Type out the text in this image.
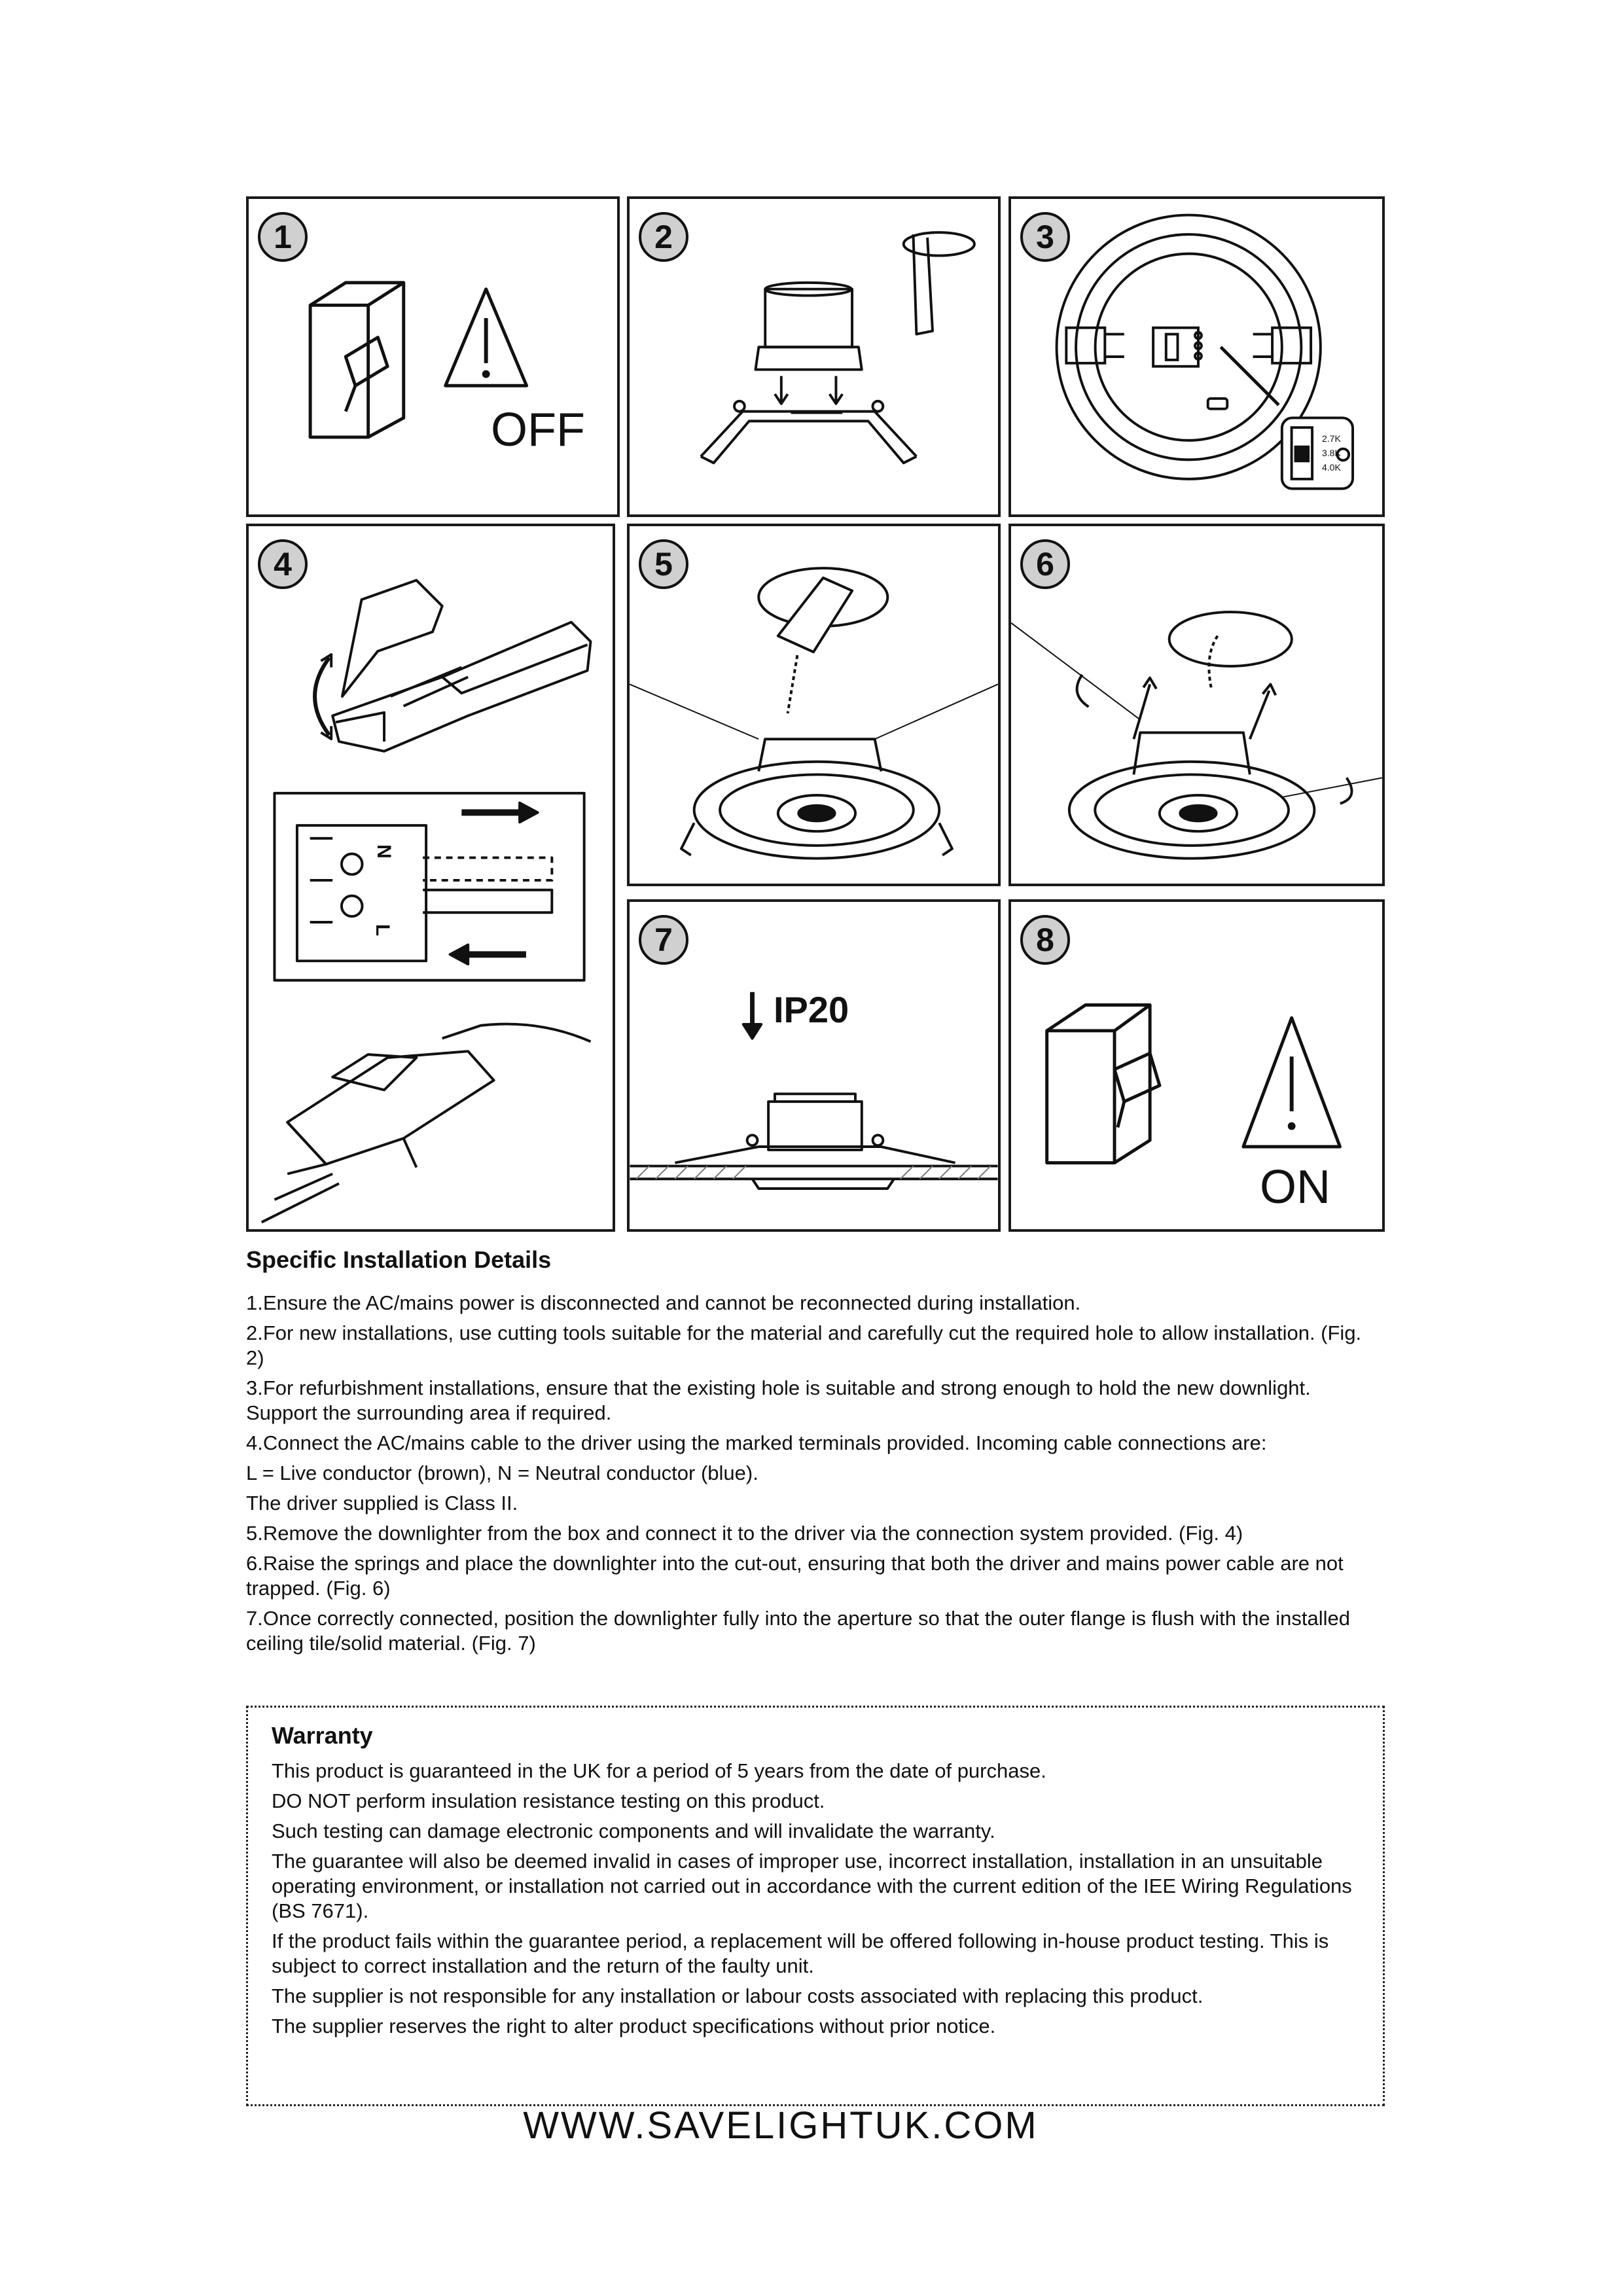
1
OFF
2	3
2.7K
3.8K
4.0K
4
N
L
5	6
7
IP20
8
ON
Specific Installation Details

1.Ensure the AC/mains power is disconnected and cannot be reconnected during installation.

2.For new installations, use cutting tools suitable for the material and carefully cut the required hole to allow installation. (Fig. 2)

3.For refurbishment installations, ensure that the existing hole is suitable and strong enough to hold the new downlight. Support the surrounding area if required.

4.Connect the AC/mains cable to the driver using the marked terminals provided. Incoming cable connections are:

L = Live conductor (brown), N = Neutral conductor (blue).

The driver supplied is Class II.

5.Remove the downlighter from the box and connect it to the driver via the connection system provided. (Fig. 4)

6.Raise the springs and place the downlighter into the cut-out, ensuring that both the driver and mains power cable are not trapped. (Fig. 6)

7.Once correctly connected, position the downlighter fully into the aperture so that the outer flange is flush with the installed ceiling tile/solid material. (Fig. 7)

Warranty

This product is guaranteed in the UK for a period of 5 years from the date of purchase.

DO NOT perform insulation resistance testing on this product.

Such testing can damage electronic components and will invalidate the warranty.

The guarantee will also be deemed invalid in cases of improper use, incorrect installation, installation in an unsuitable operating environment, or installation not carried out in accordance with the current edition of the IEE Wiring Regulations (BS 7671).

If the product fails within the guarantee period, a replacement will be offered following in-house product testing. This is subject to correct installation and the return of the faulty unit.

The supplier is not responsible for any installation or labour costs associated with replacing this product.

The supplier reserves the right to alter product specifications without prior notice.

WWW.SAVELIGHTUK.COM
